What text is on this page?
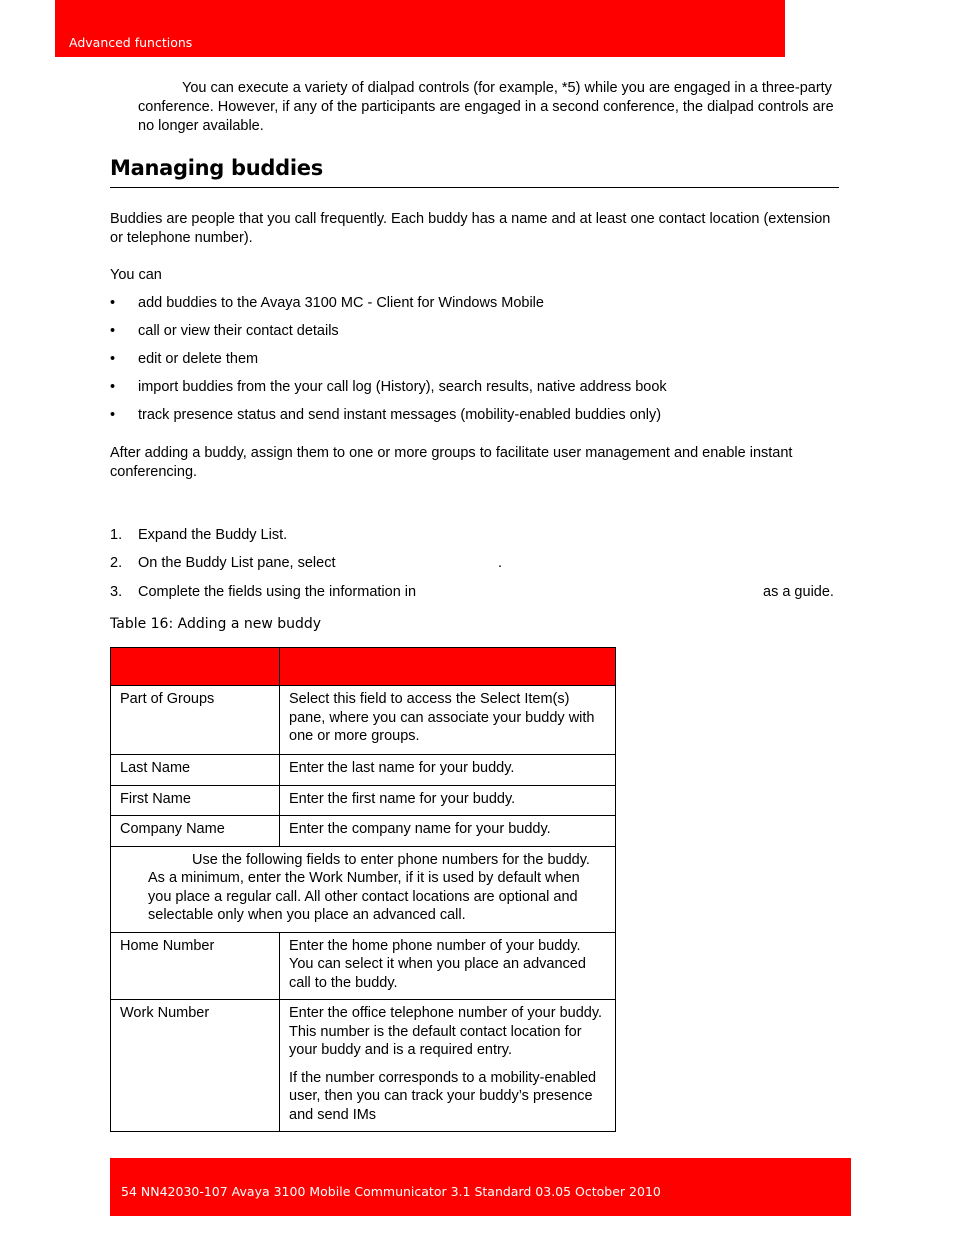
Advanced functions
You can execute a variety of dialpad controls (for example, *5) while you are engaged in a three-party conference. However, if any of the participants are engaged in a second conference, the dialpad controls are no longer available.
Managing buddies
Buddies are people that you call frequently. Each buddy has a name and at least one contact location (extension or telephone number).
You can
• add buddies to the Avaya 3100 MC - Client for Windows Mobile
• call or view their contact details
• edit or delete them
• import buddies from the your call log (History), search results, native address book
• track presence status and send instant messages (mobility-enabled buddies only)
After adding a buddy, assign them to one or more groups to facilitate user management and enable instant conferencing.
1. Expand the Buddy List.
2. On the Buddy List pane, select	.
3. Complete the fields using the information in	as a guide.
Table 16: Adding a new buddy

Part of Groups	Select this field to access the Select Item(s) pane, where you can associate your buddy with one or more groups.
Last Name	Enter the last name for your buddy.
First Name	Enter the first name for your buddy.
Company Name	Enter the company name for your buddy.
Use the following fields to enter phone numbers for the buddy. As a minimum, enter the Work Number, if it is used by default when you place a regular call. All other contact locations are optional and selectable only when you place an advanced call.	
Home Number	Enter the home phone number of your buddy. You can select it when you place an advanced call to the buddy.
Work Number	Enter the office telephone number of your buddy. This number is the default contact location for your buddy and is a required entry.

If the number corresponds to a mobility-enabled user, then you can track your buddy’s presence and send IMs

54 NN42030-107 Avaya 3100 Mobile Communicator 3.1 Standard 03.05 October 2010
